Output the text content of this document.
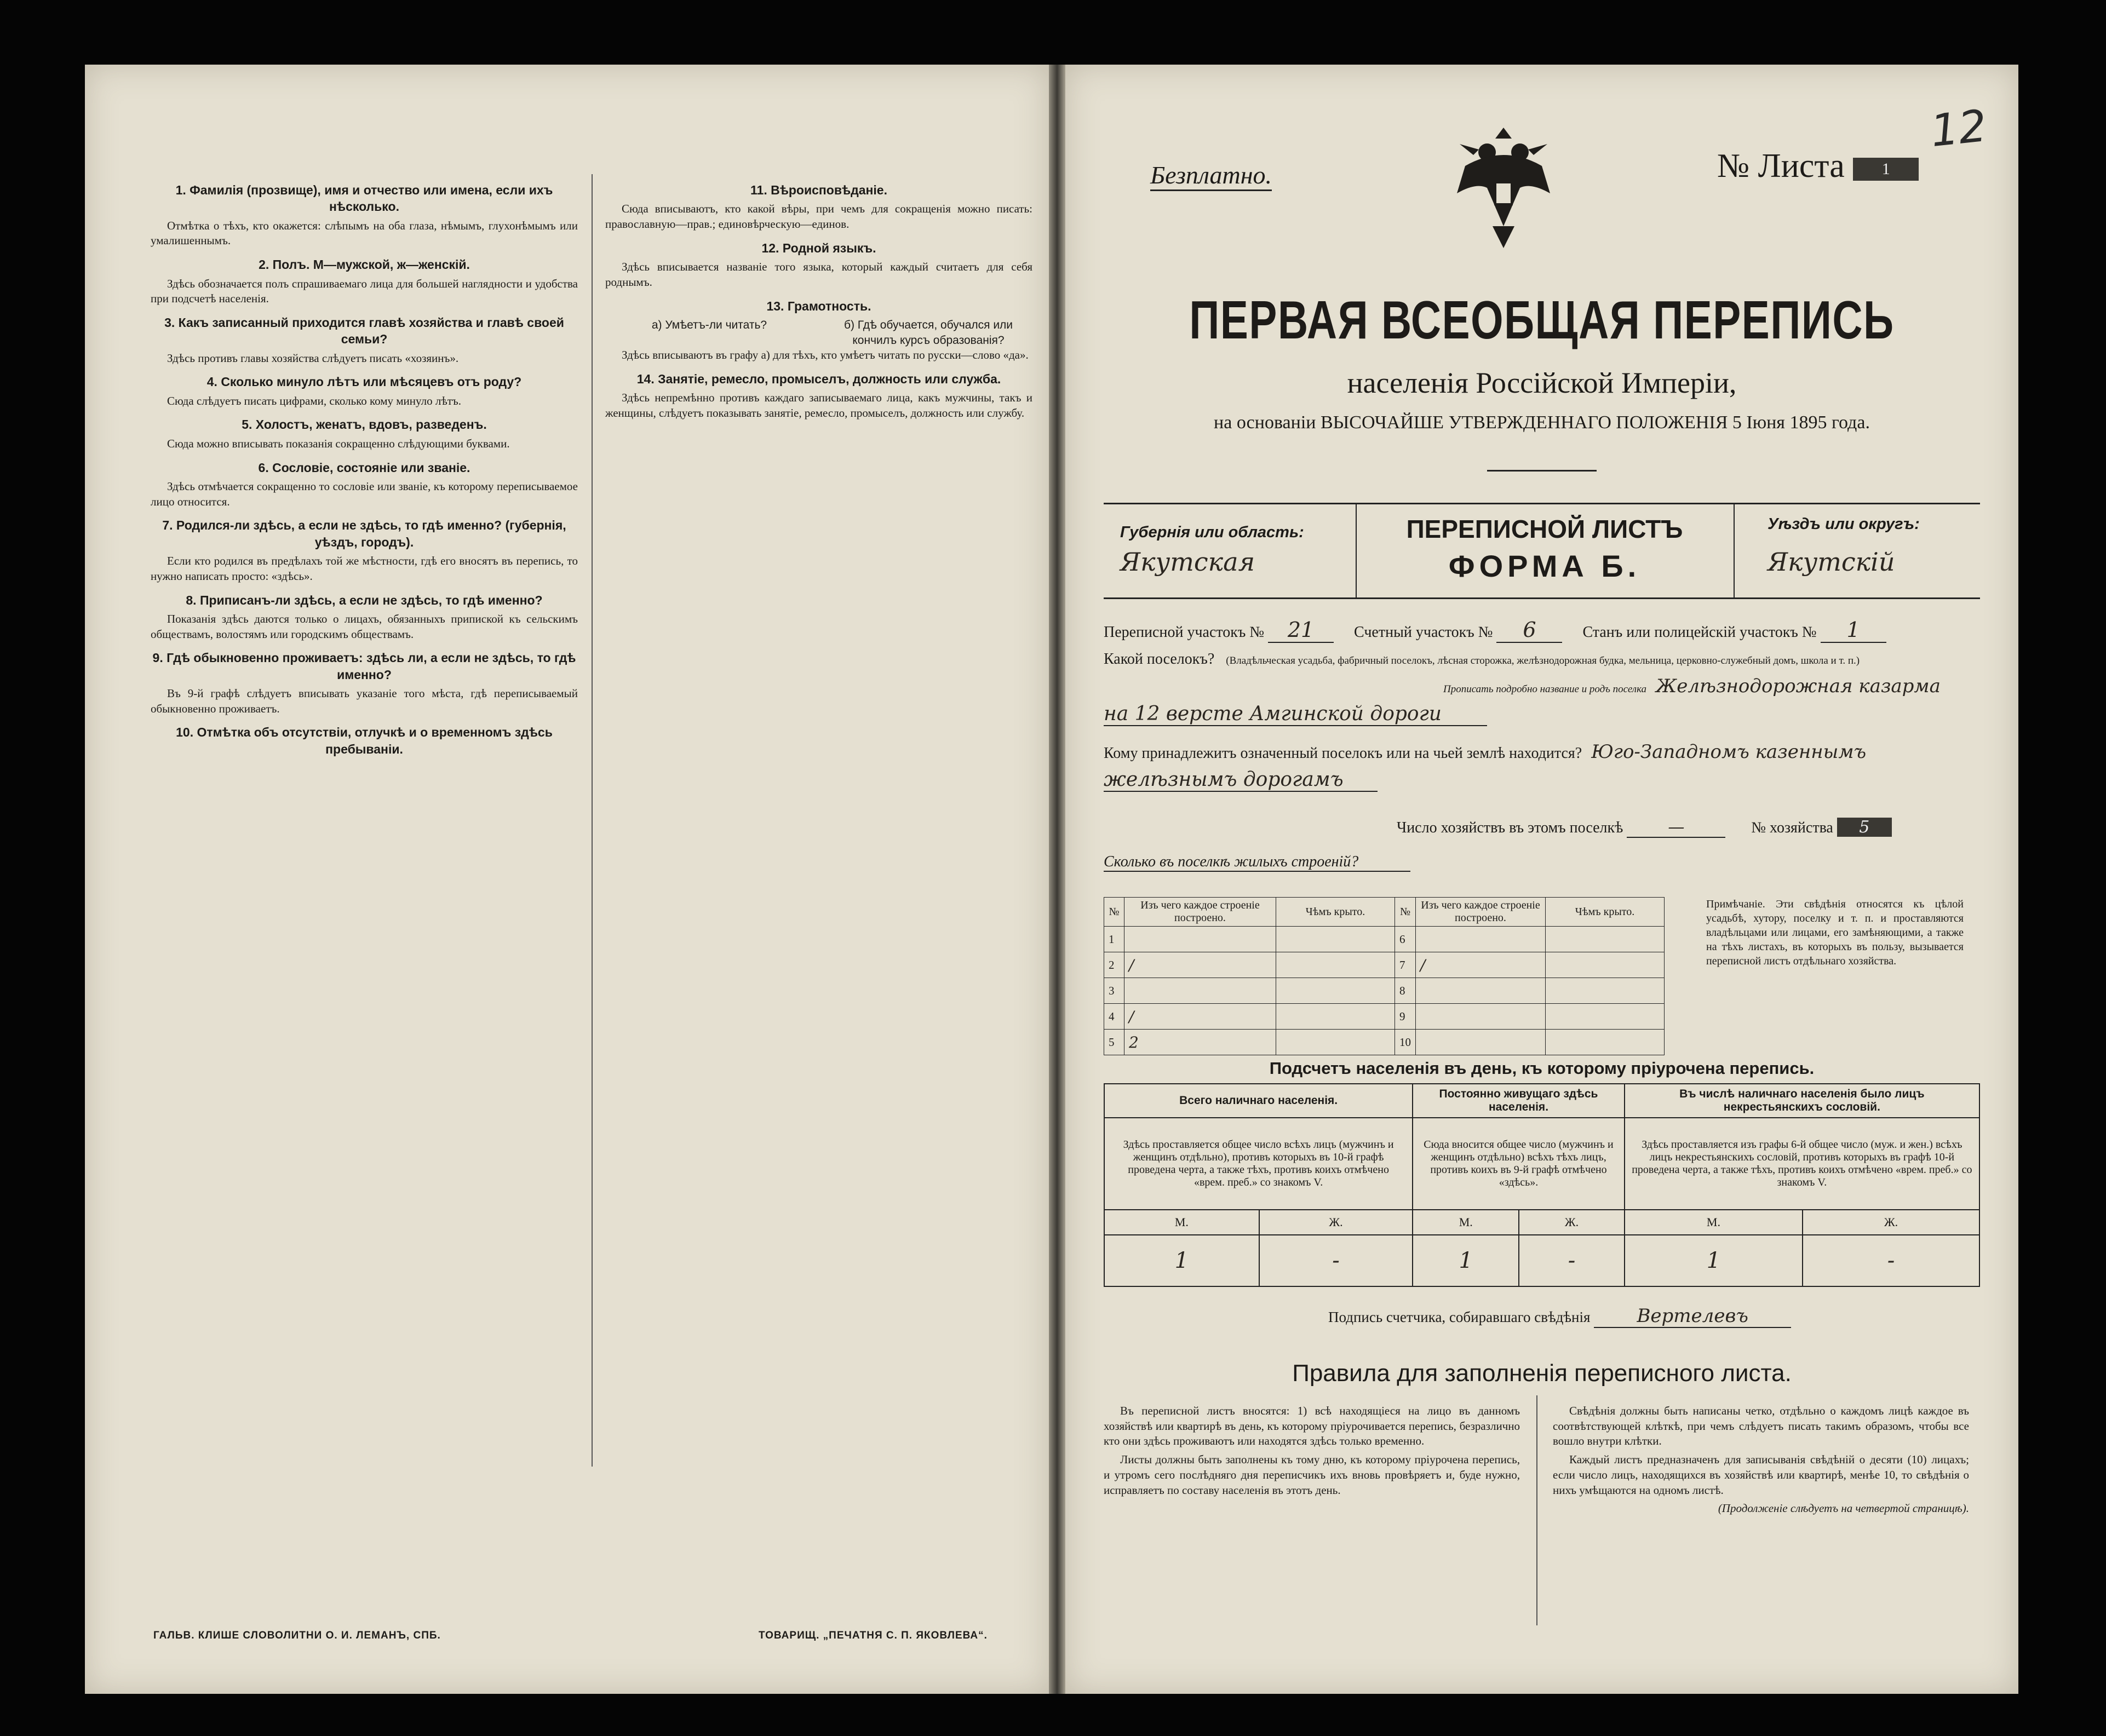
1. Фамилія (прозвище), имя и отчество или имена, если ихъ нѣсколько.

Отмѣтка о тѣхъ, кто окажется: слѣпымъ на оба глаза, нѣмымъ, глухонѣмымъ или умалишеннымъ.

2. Полъ. М—мужской, ж—женскій.

Здѣсь обозначается полъ спрашиваемаго лица для большей наглядности и удобства при подсчетѣ населенія.

3. Какъ записанный приходится главѣ хозяйства и главѣ своей семьи?

Здѣсь противъ главы хозяйства слѣдуетъ писать «хозяинъ».

4. Сколько минуло лѣтъ или мѣсяцевъ отъ роду?

Сюда слѣдуетъ писать цифрами, сколько кому минуло лѣтъ.

5. Холостъ, женатъ, вдовъ, разведенъ.

Сюда можно вписывать показанія сокращенно слѣдующими буквами.

6. Сословіе, состояніе или званіе.

Здѣсь отмѣчается сокращенно то сословіе или званіе, къ которому переписываемое лицо относится.

7. Родился-ли здѣсь, а если не здѣсь, то гдѣ именно? (губернія, уѣздъ, городъ).

Если кто родился въ предѣлахъ той же мѣстности, гдѣ его вносятъ въ перепись, то нужно написать просто: «здѣсь».

8. Приписанъ-ли здѣсь, а если не здѣсь, то гдѣ именно?

Показанія здѣсь даются только о лицахъ, обязанныхъ припиской къ сельскимъ обществамъ, волостямъ или городскимъ обществамъ.

9. Гдѣ обыкновенно проживаетъ: здѣсь ли, а если не здѣсь, то гдѣ именно?

Въ 9-й графѣ слѣдуетъ вписывать указаніе того мѣста, гдѣ переписываемый обыкновенно проживаетъ.

10. Отмѣтка объ отсутствіи, отлучкѣ и о временномъ здѣсь пребываніи.
11. Вѣроисповѣданіе.

Сюда вписываютъ, кто какой вѣры, при чемъ для сокращенія можно писать: православную—прав.; единовѣрческую—единов.

12. Родной языкъ.

Здѣсь вписывается названіе того языка, который каждый считаетъ для себя роднымъ.

13. Грамотность.
а) Умѣетъ-ли читать?	б) Гдѣ обучается, обучался или кончилъ курсъ образованія?

Здѣсь вписываютъ въ графу а) для тѣхъ, кто умѣетъ читать по русски—слово «да».

14. Занятіе, ремесло, промыселъ, должность или служба.

Здѣсь непремѣнно противъ каждаго записываемаго лица, какъ мужчины, такъ и женщины, слѣдуетъ показывать занятіе, ремесло, промыселъ, должность или службу.

ГАЛЬВ. КЛИШЕ СЛОВОЛИТНИ О. И. ЛЕМАНЪ, СПБ.	ТОВАРИЩ. „ПЕЧАТНЯ С. П. ЯКОВЛЕВА“.
Безплатно.	№ Листа 1
12
ПЕРВАЯ ВСЕОБЩАЯ ПЕРЕПИСЬ
населенія Россійской Имперіи,
на основаніи ВЫСОЧАЙШЕ УТВЕРЖДЕННАГО ПОЛОЖЕНІЯ 5 Іюня 1895 года.
Губернія или область:
Якутская
ПЕРЕПИСНОЙ ЛИСТЪ
ФОРМА Б.
Уѣздъ или округъ:
Якутскій
Переписной участокъ № 21	Счетный участокъ № 6	Станъ или полицейскій участокъ № 1
Какой поселокъ? (Владѣльческая усадьба, фабричный поселокъ, лѣсная сторожка, желѣзнодорожная будка, мельница, церковно-служебный домъ, школа и т. п.)
Прописать подробно название и родъ поселка Желѣзнодорожная казарма
на 12 версте Амгинской дороги
Кому принадлежитъ означенный поселокъ или на чьей землѣ находится? Юго-Западномъ казеннымъ
желѣзнымъ дорогамъ
Число хозяйствъ въ этомъ поселкѣ	—	№ хозяйства 5
Сколько въ поселкѣ жилыхъ строеній?
№	Изъ чего каждое строеніе построено.	Чѣмъ крыто.	№	Изъ чего каждое строеніе построено.	Чѣмъ крыто.
1			6		
2	/		7	/	
3			8		
4	/		9		
5	2		10		
Примѣчаніе. Эти свѣдѣнія относятся къ цѣлой усадьбѣ, хутору, поселку и т. п. и проставляются владѣльцами или лицами, его замѣняющими, а также на тѣхъ листахъ, въ которыхъ въ пользу, вызывается переписной листъ отдѣльнаго хозяйства.
Подсчетъ населенія въ день, къ которому пріурочена перепись.
Всего наличнаго населенія.		Постоянно живущаго здѣсь населенія.		Въ числѣ наличнаго населенія было лицъ некрестьянскихъ сословій.	
Здѣсь проставляется общее число всѣхъ лицъ (мужчинъ и женщинъ отдѣльно), противъ которыхъ въ 10-й графѣ проведена черта, а также тѣхъ, противъ коихъ отмѣчено «врем. преб.» со знакомъ V.		Сюда вносится общее число (мужчинъ и женщинъ отдѣльно) всѣхъ тѣхъ лицъ, противъ коихъ въ 9-й графѣ отмѣчено «здѣсь».		Здѣсь проставляется изъ графы 6-й общее число (муж. и жен.) всѣхъ лицъ некрестьянскихъ сословій, противъ которыхъ въ графѣ 10-й проведена черта, а также тѣхъ, противъ коихъ отмѣчено «врем. преб.» со знакомъ V.	
М.	Ж.	М.	Ж.	М.	Ж.
1	-	1	-	1	-
Подпись счетчика, собиравшаго свѣдѣнія	Вертелевъ
Правила для заполненія переписного листа.

Въ переписной листъ вносятся: 1) всѣ находящіеся на лицо въ данномъ хозяйствѣ или квартирѣ въ день, къ которому пріурочивается перепись, безразлично кто они здѣсь проживаютъ или находятся здѣсь только временно.

Листы должны быть заполнены къ тому дню, къ которому пріурочена перепись, и утромъ сего послѣдняго дня переписчикъ ихъ вновь провѣряетъ и, буде нужно, исправляетъ по составу населенія въ этотъ день.

Свѣдѣнія должны быть написаны четко, отдѣльно о каждомъ лицѣ каждое въ соотвѣтствующей клѣткѣ, при чемъ слѣдуетъ писать такимъ образомъ, чтобы все вошло внутри клѣтки.

Каждый листъ предназначенъ для записыванія свѣдѣній о десяти (10) лицахъ; если число лицъ, находящихся въ хозяйствѣ или квартирѣ, менѣе 10, то свѣдѣнія о нихъ умѣщаются на одномъ листѣ.

(Продолженіе слѣдуетъ на четвертой страницѣ).
